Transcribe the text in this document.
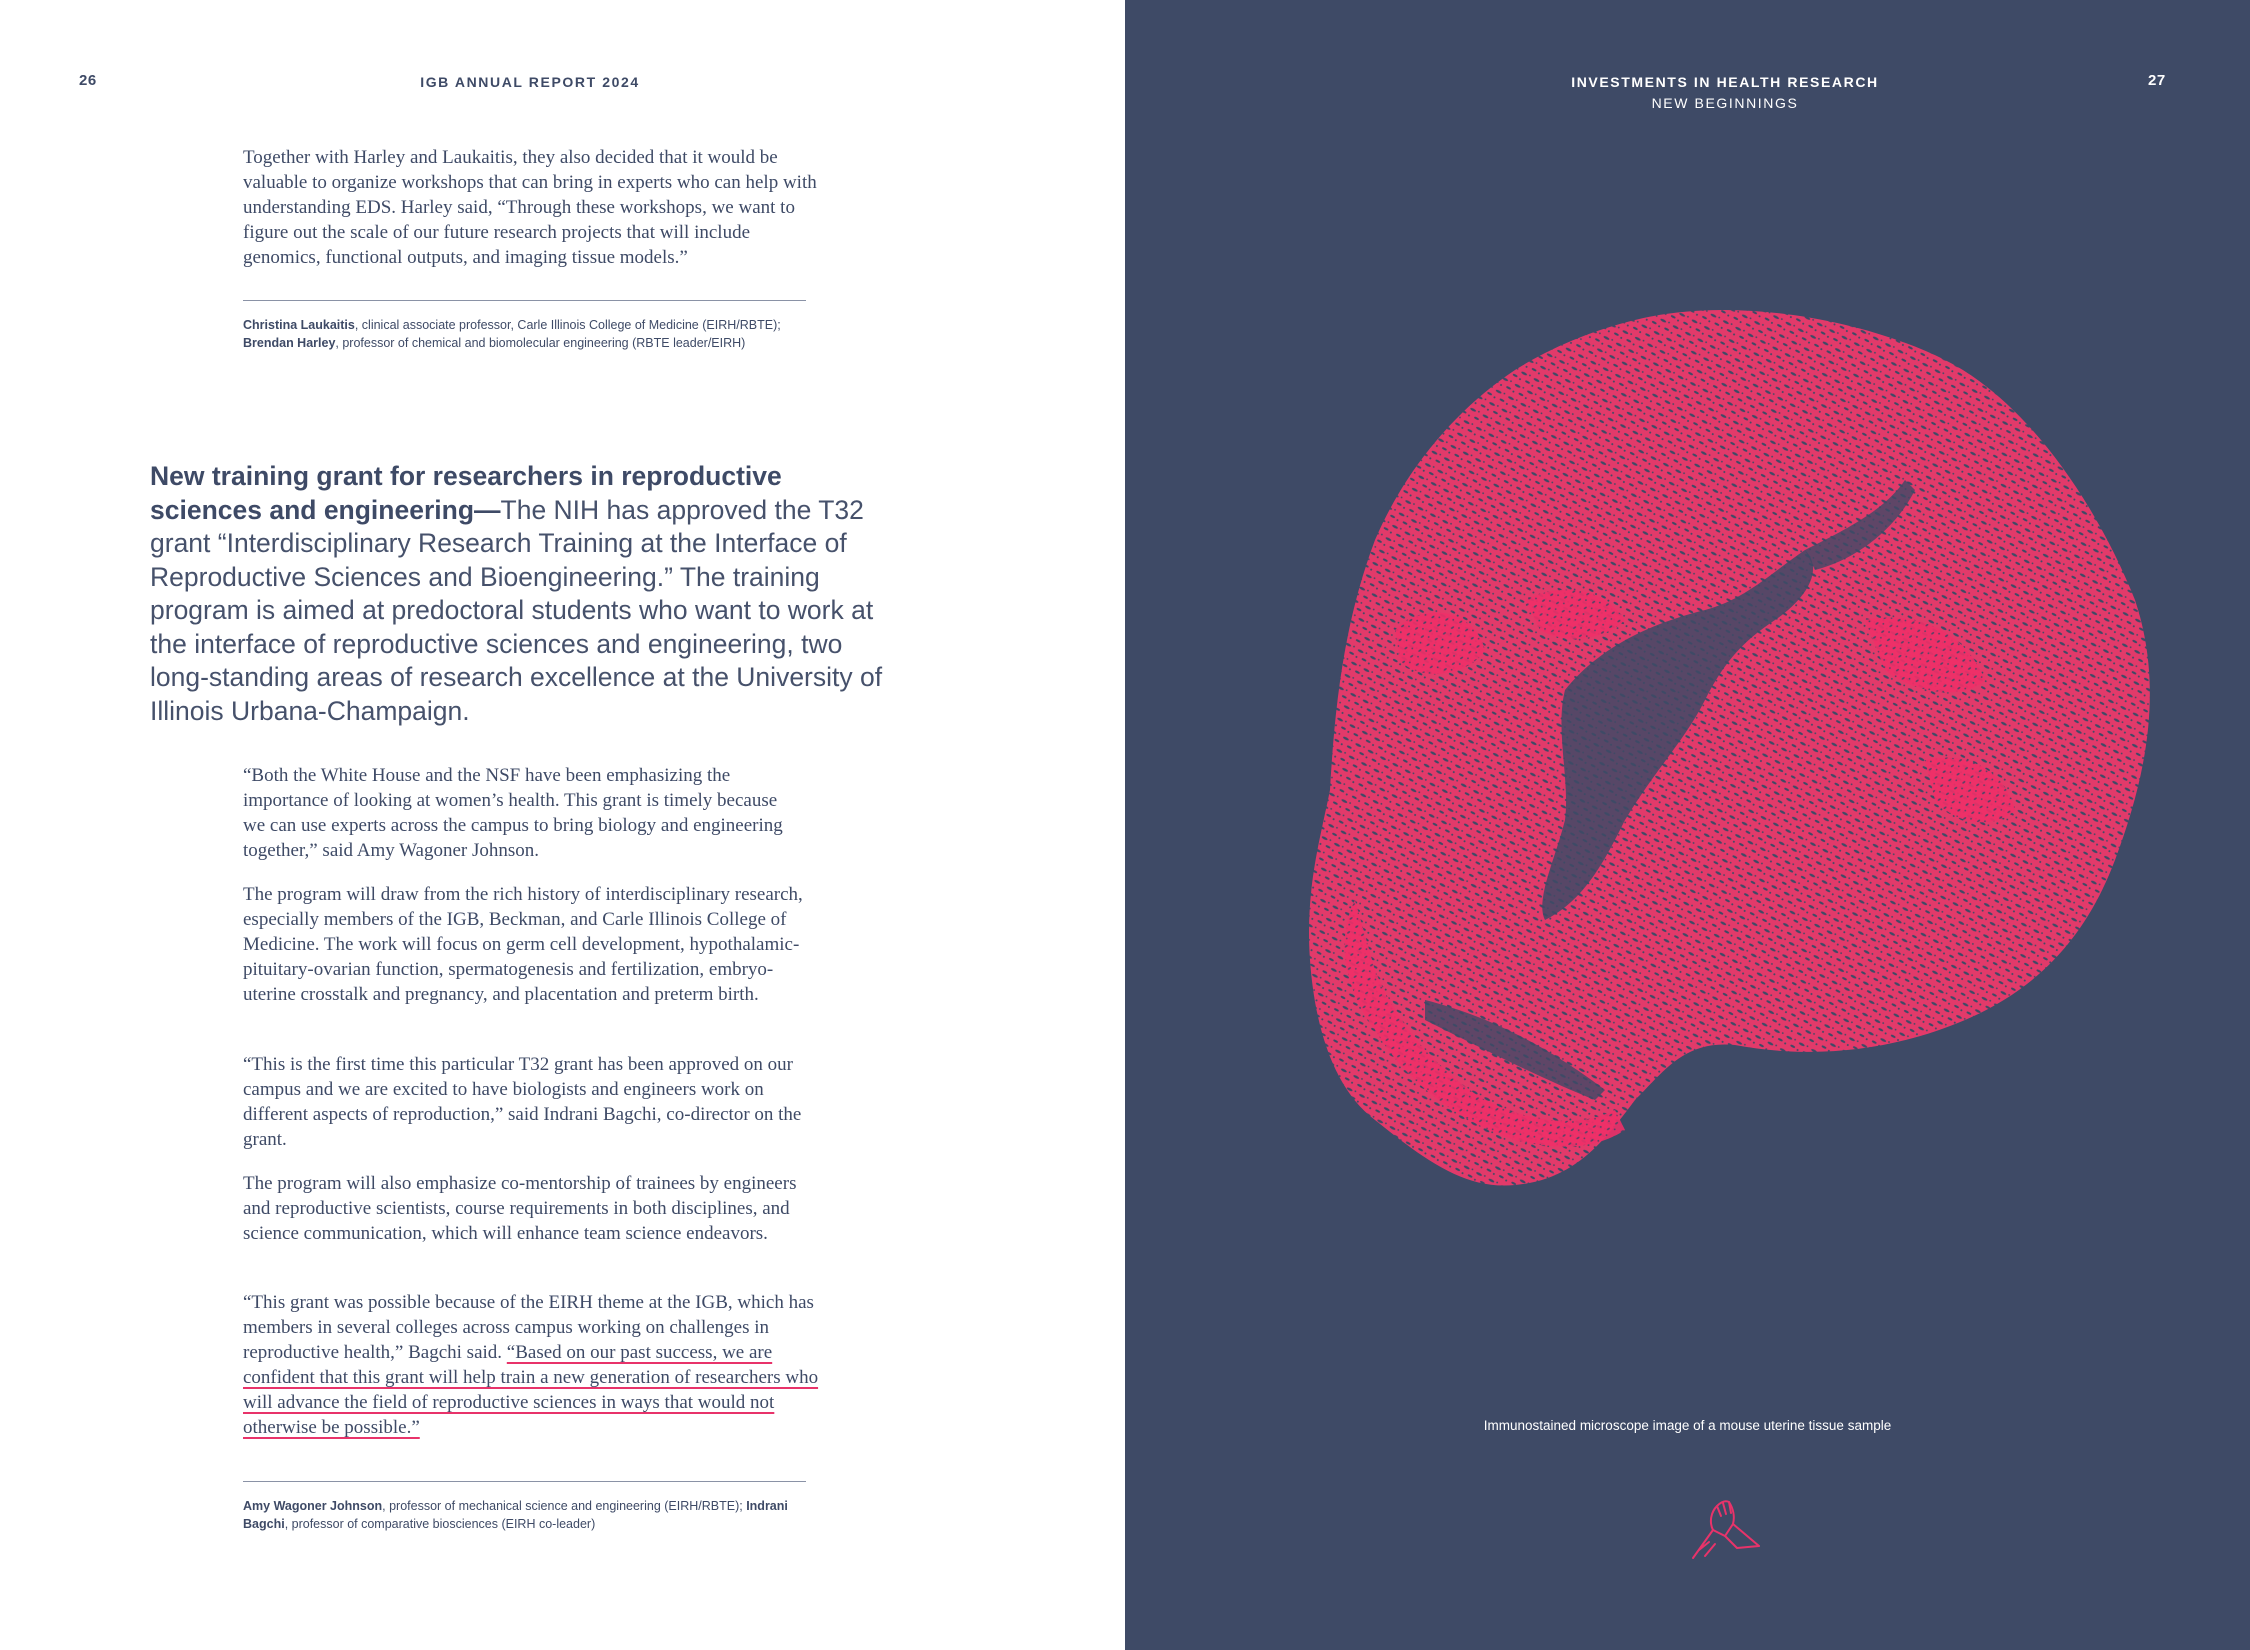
26	IGB ANNUAL REPORT 2024

Together with Harley and Laukaitis, they also decided that it would be valuable to organize workshops that can bring in experts who can help with understanding EDS. Harley said, “Through these workshops, we want to figure out the scale of our future research projects that will include genomics, functional outputs, and imaging tissue models.”

Christina Laukaitis, clinical associate professor, Carle Illinois College of Medicine (EIRH/RBTE);
Brendan Harley, professor of chemical and biomolecular engineering (RBTE leader/EIRH)

New training grant for researchers in reproductive sciences and engineering—The NIH has approved the T32 grant “Interdisciplinary Research Training at the Interface of Reproductive Sciences and Bioengineering.” The training program is aimed at predoctoral students who want to work at the interface of reproductive sciences and engineering, two long-standing areas of research excellence at the University of Illinois Urbana-Champaign.

“Both the White House and the NSF have been emphasizing the importance of looking at women’s health. This grant is timely because we can use experts across the campus to bring biology and engineering together,” said Amy Wagoner Johnson.

The program will draw from the rich history of interdisciplinary research, especially members of the IGB, Beckman, and Carle Illinois College of Medicine. The work will focus on germ cell development, hypothalamic-pituitary-ovarian function, spermatogenesis and fertilization, embryo-uterine crosstalk and pregnancy, and placentation and preterm birth.

“This is the first time this particular T32 grant has been approved on our campus and we are excited to have biologists and engineers work on different aspects of reproduction,” said Indrani Bagchi, co-director on the grant.

The program will also emphasize co-mentorship of trainees by engineers and reproductive scientists, course requirements in both disciplines, and science communication, which will enhance team science endeavors.

“This grant was possible because of the EIRH theme at the IGB, which has members in several colleges across campus working on challenges in reproductive health,” Bagchi said. “Based on our past success, we are confident that this grant will help train a new generation of researchers who will advance the field of reproductive sciences in ways that would not otherwise be possible.”

Amy Wagoner Johnson, professor of mechanical science and engineering (EIRH/RBTE); Indrani Bagchi, professor of comparative biosciences (EIRH co-leader)

INVESTMENTS IN HEALTH RESEARCH
NEW BEGINNINGS
27
Immunostained microscope image of a mouse uterine tissue sample
